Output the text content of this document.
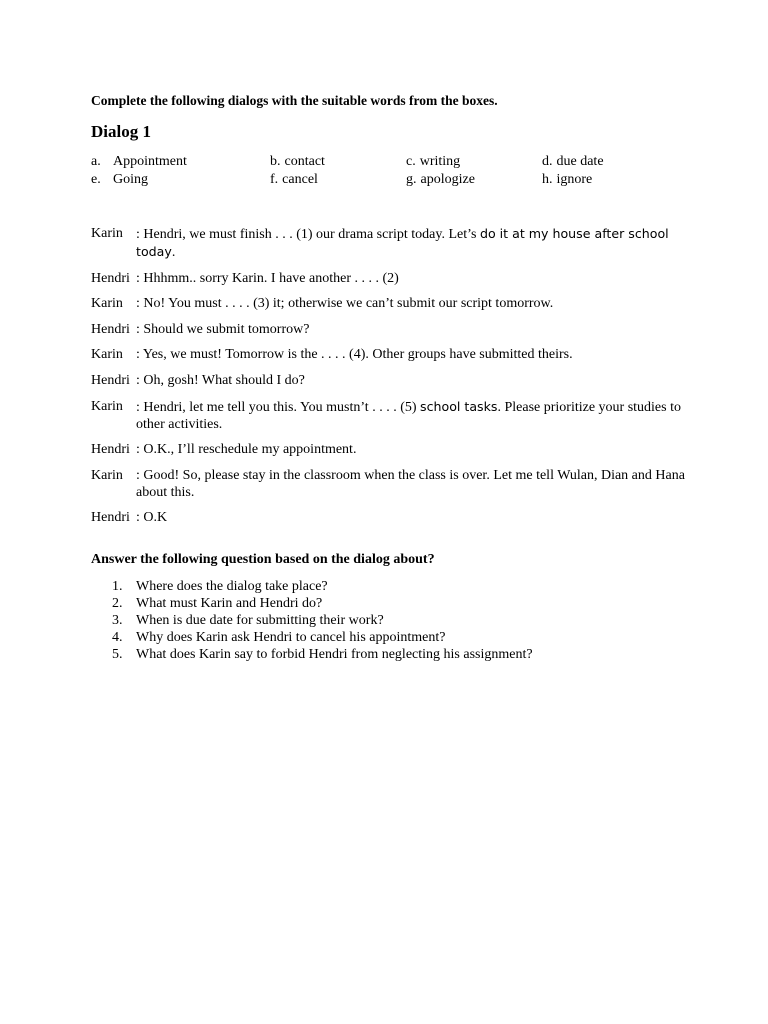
Complete the following dialogs with the suitable words from the boxes.
Dialog 1
a. Appointment	b. contact	c. writing	d. due date
e. Going	f. cancel	g. apologize	h. ignore
Karin : Hendri, we must finish . . . (1) our drama script today. Let’s do it at my house after school today.
Hendri : Hhhmm.. sorry Karin. I have another . . . . (2)
Karin : No! You must . . . . (3) it; otherwise we can’t submit our script tomorrow.
Hendri : Should we submit tomorrow?
Karin : Yes, we must! Tomorrow is the . . . . (4). Other groups have submitted theirs.
Hendri : Oh, gosh! What should I do?
Karin : Hendri, let me tell you this. You mustn’t . . . . (5) school tasks. Please prioritize your studies to other activities.
Hendri : O.K., I’ll reschedule my appointment.
Karin : Good! So, please stay in the classroom when the class is over. Let me tell Wulan, Dian and Hana about this.
Hendri : O.K
Answer the following question based on the dialog about?
1. Where does the dialog take place?
2. What must Karin and Hendri do?
3. When is due date for submitting their work?
4. Why does Karin ask Hendri to cancel his appointment?
5. What does Karin say to forbid Hendri from neglecting his assignment?
